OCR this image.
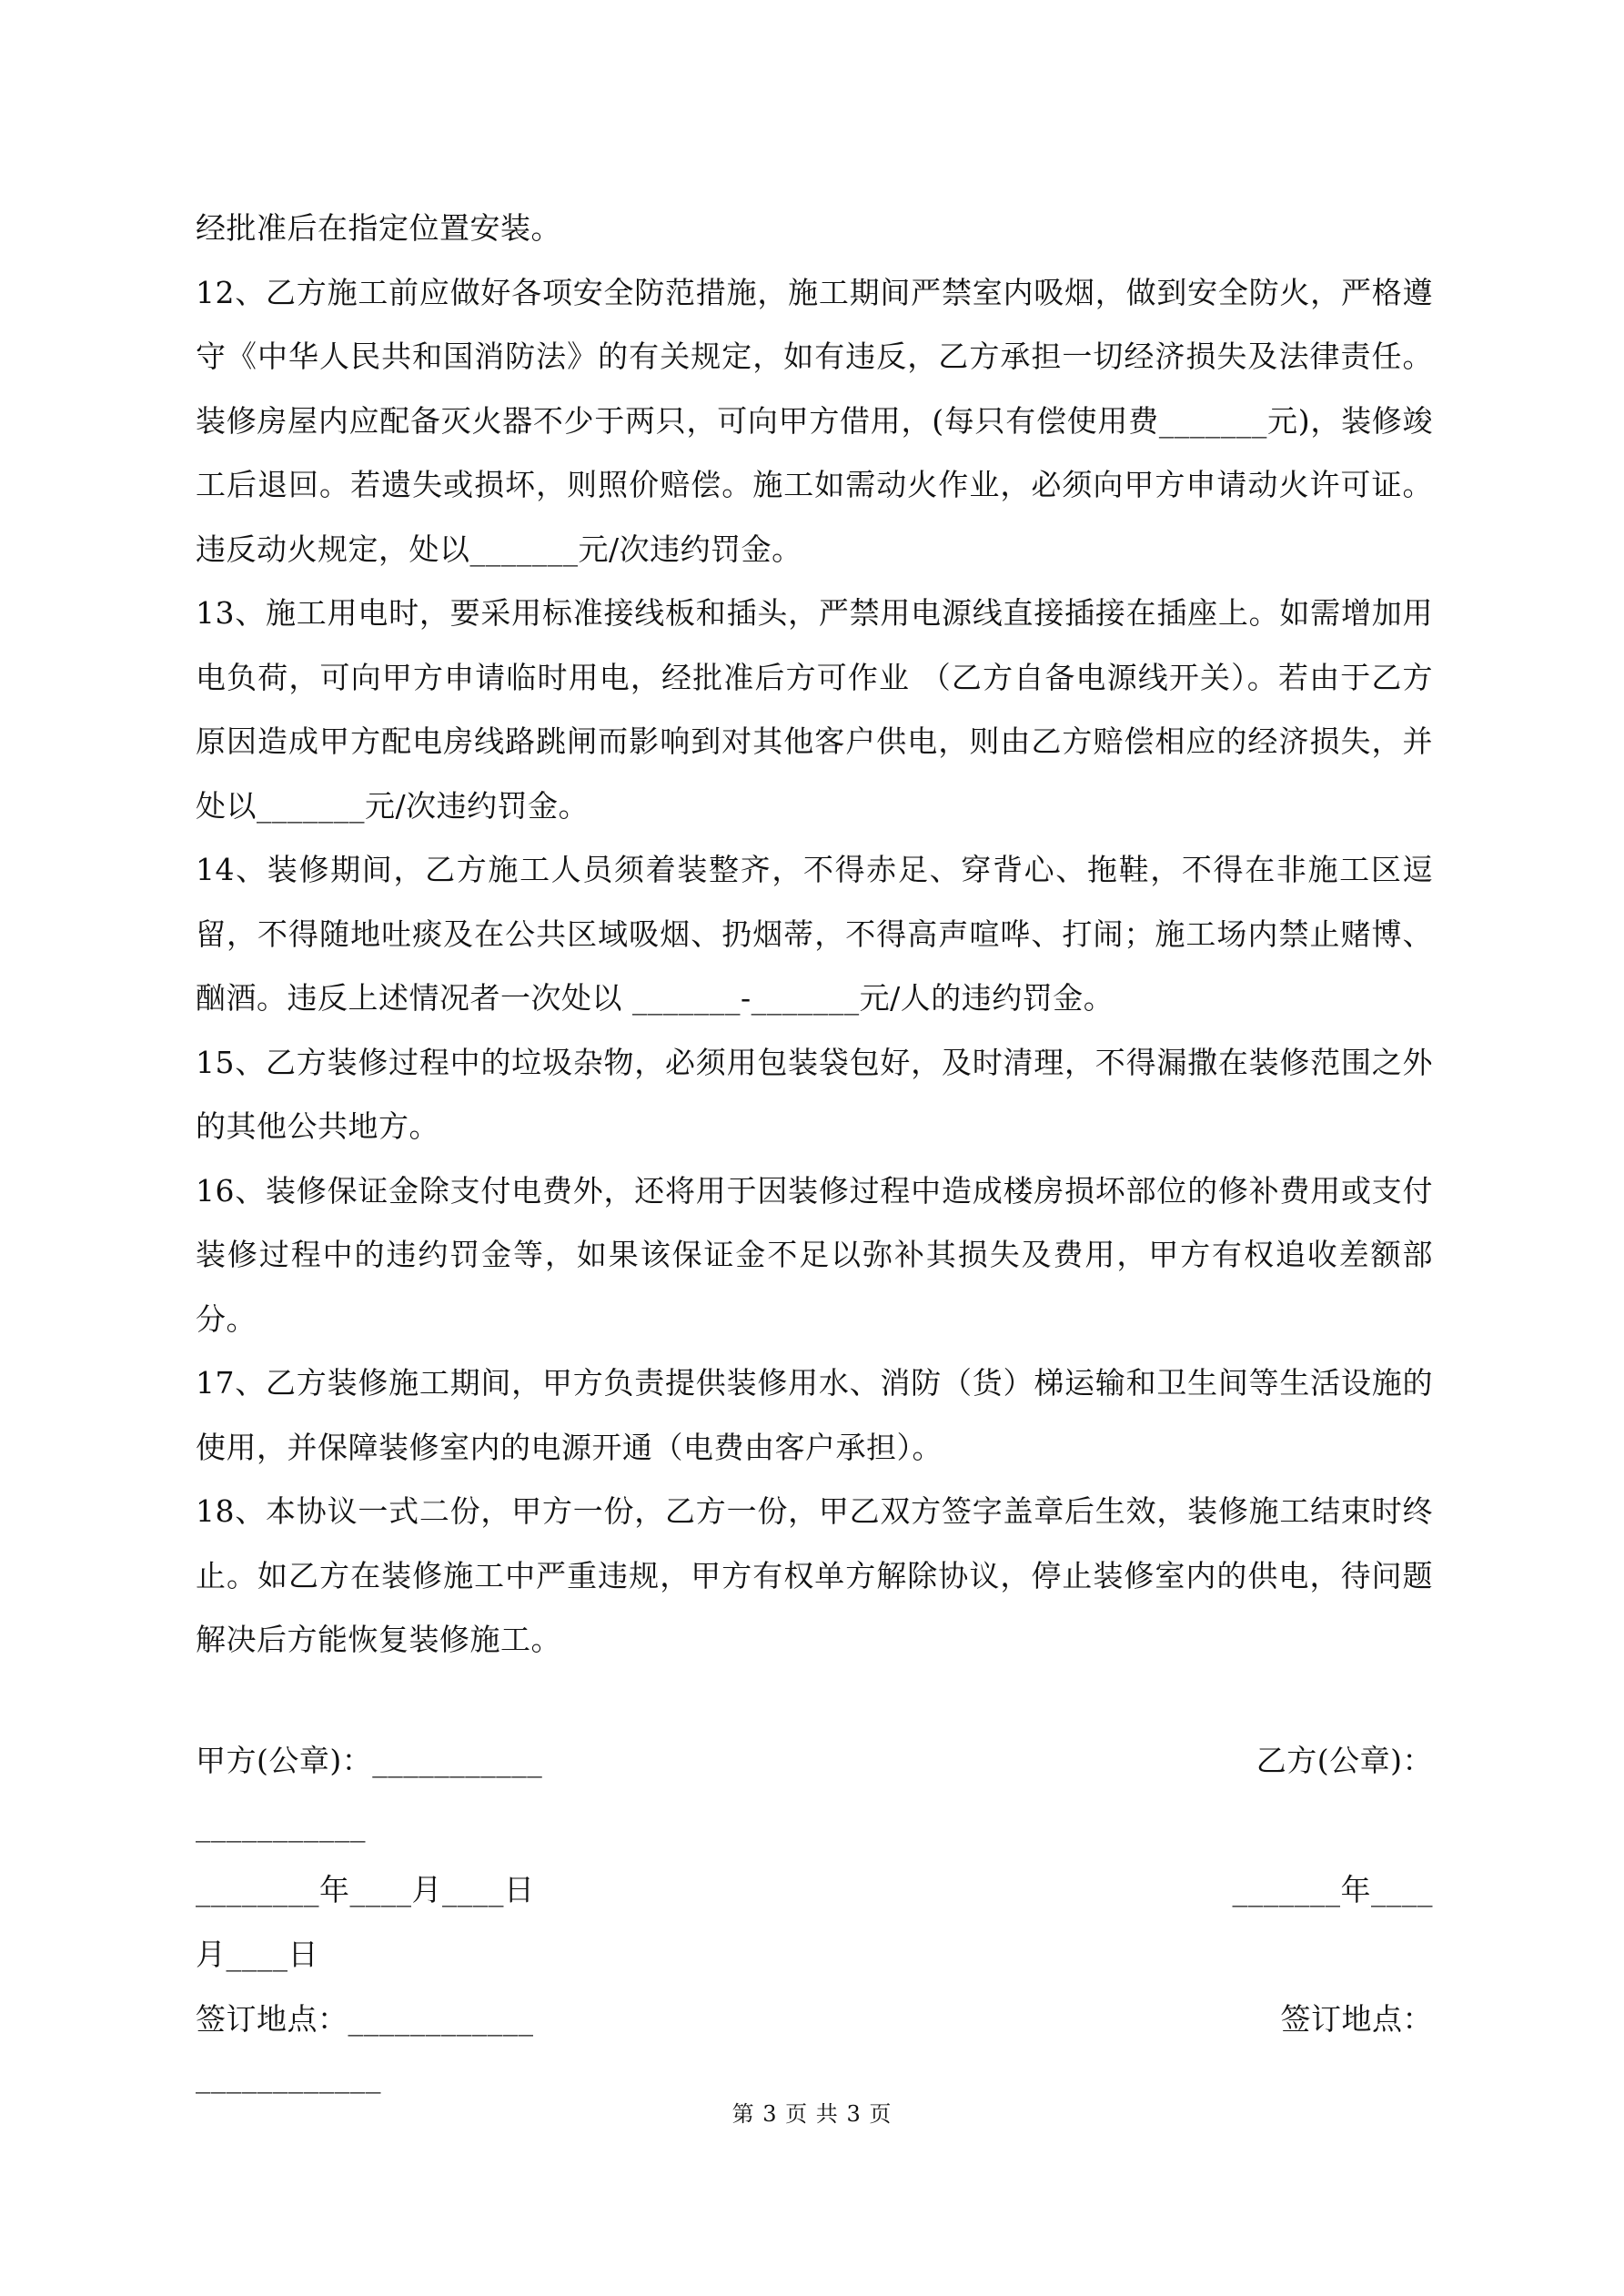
经批准后在指定位置安装。

12、乙方施工前应做好各项安全防范措施，施工期间严禁室内吸烟，做到安全防火，严格遵守《中华人民共和国消防法》的有关规定，如有违反，乙方承担一切经济损失及法律责任。装修房屋内应配备灭火器不少于两只，可向甲方借用，(每只有偿使用费_______元)，装修竣工后退回。若遗失或损坏，则照价赔偿。施工如需动火作业，必须向甲方申请动火许可证。违反动火规定，处以_______元/次违约罚金。

13、施工用电时，要采用标准接线板和插头，严禁用电源线直接插接在插座上。如需增加用电负荷，可向甲方申请临时用电，经批准后方可作业 （乙方自备电源线开关）。若由于乙方原因造成甲方配电房线路跳闸而影响到对其他客户供电，则由乙方赔偿相应的经济损失，并处以_______元/次违约罚金。

14、装修期间，乙方施工人员须着装整齐，不得赤足、穿背心、拖鞋，不得在非施工区逗留，不得随地吐痰及在公共区域吸烟、扔烟蒂，不得高声喧哗、打闹；施工场内禁止赌博、酗酒。违反上述情况者一次处以 _______-_______元/人的违约罚金。

15、乙方装修过程中的垃圾杂物，必须用包装袋包好，及时清理，不得漏撒在装修范围之外的其他公共地方。

16、装修保证金除支付电费外，还将用于因装修过程中造成楼房损坏部位的修补费用或支付装修过程中的违约罚金等，如果该保证金不足以弥补其损失及费用，甲方有权追收差额部分。

17、乙方装修施工期间，甲方负责提供装修用水、消防（货）梯运输和卫生间等生活设施的使用，并保障装修室内的电源开通（电费由客户承担）。

18、本协议一式二份，甲方一份，乙方一份，甲乙双方签字盖章后生效，装修施工结束时终止。如乙方在装修施工中严重违规，甲方有权单方解除协议，停止装修室内的供电，待问题解决后方能恢复装修施工。

甲方(公章)：___________	乙方(公章)：
___________
________年____月____日	_______年____
月____日
签订地点：____________	签订地点：
____________
第 3 页 共 3 页
